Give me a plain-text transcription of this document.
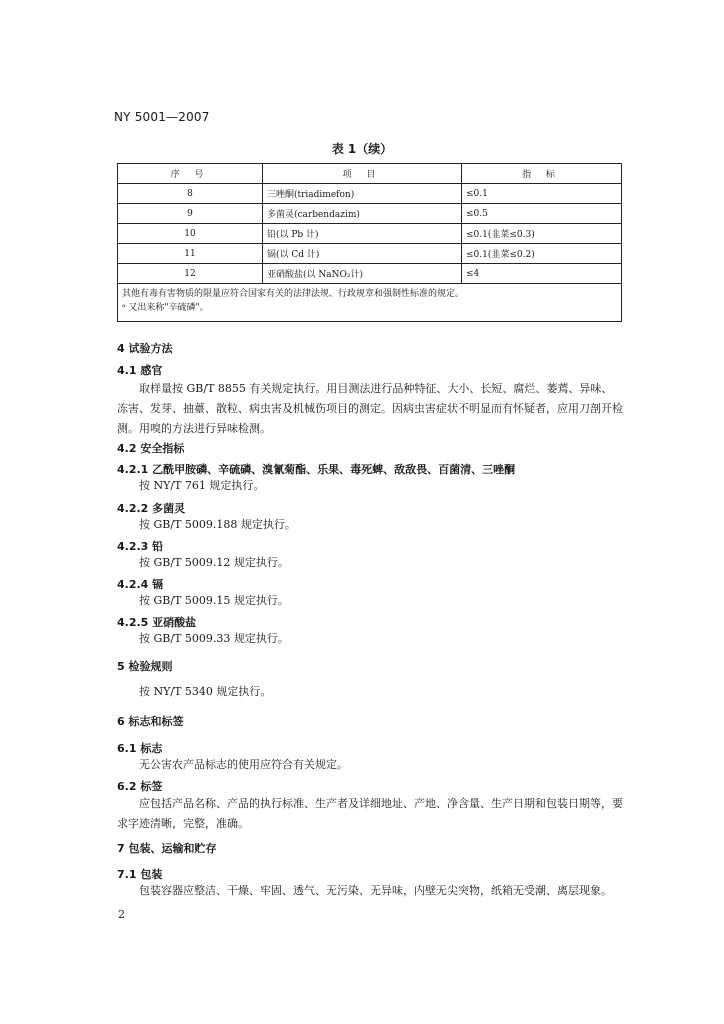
NY 5001—2007
表 1（续）
序 号	项 目	指 标
8	三唑酮(triadimefon)	≤0.1
9	多菌灵(carbendazim)	≤0.5
10	铅(以 Pb 计)	≤0.1(韭菜≤0.3)
11	镉(以 Cd 计)	≤0.1(韭菜≤0.2)
12	亚硝酸盐(以 NaNO₂计)	≤4

其他有毒有害物质的限量应符合国家有关的法律法规、行政规章和强制性标准的规定。
ᵃ 又出来称"辛硫磷"。		
4 试验方法
4.1 感官
取样量按 GB/T 8855 有关规定执行。用目测法进行品种特征、大小、长短、腐烂、萎蔫、异味、冻害、发芽、抽薹、散粒、病虫害及机械伤项目的测定。因病虫害症状不明显而有怀疑者，应用刀剖开检测。用嗅的方法进行异味检测。
4.2 安全指标
4.2.1 乙酰甲胺磷、辛硫磷、溴氰菊酯、乐果、毒死蜱、敌敌畏、百菌清、三唑酮
按 NY/T 761 规定执行。
4.2.2 多菌灵
按 GB/T 5009.188 规定执行。
4.2.3 铅
按 GB/T 5009.12 规定执行。
4.2.4 镉
按 GB/T 5009.15 规定执行。
4.2.5 亚硝酸盐
按 GB/T 5009.33 规定执行。
5 检验规则
按 NY/T 5340 规定执行。
6 标志和标签
6.1 标志
无公害农产品标志的使用应符合有关规定。
6.2 标签
应包括产品名称、产品的执行标准、生产者及详细地址、产地、净含量、生产日期和包装日期等，要求字迹清晰，完整，准确。
7 包装、运输和贮存
7.1 包装
包装容器应整洁、干燥、牢固、透气、无污染、无异味，内壁无尖突物，纸箱无受潮、离层现象。
2
